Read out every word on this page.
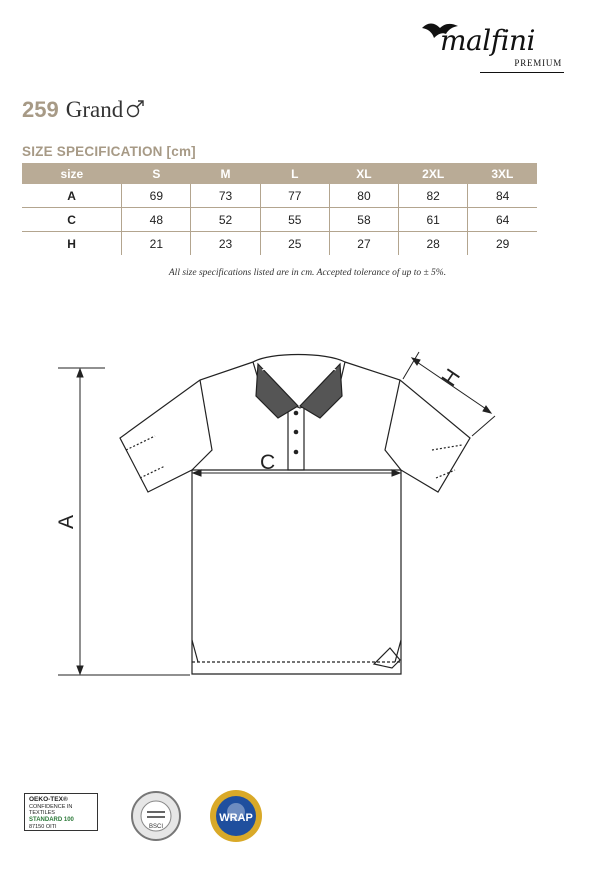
malfini
PREMIUM
259 Grand
SIZE SPECIFICATION [cm]
size	S	M	L	XL	2XL	3XL
A	69	73	77	80	82	84
C	48	52	55	58	61	64
H	21	23	25	27	28	29
All size specifications listed are in cm. Accepted tolerance of up to ± 5%.
A
C
H
OEKO-TEX®
CONFIDENCE IN TEXTILES
STANDARD 100
87150 OITI	BSCI
WRAP
